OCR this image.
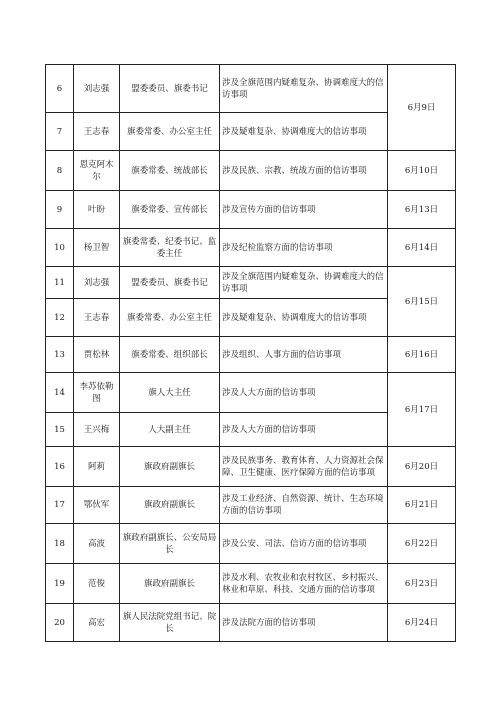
6	刘志强	盟委委员、旗委书记	涉及全旗范围内疑难复杂、协调难度大的信访事项	6月9日
7	王志春	旗委常委、办公室主任	涉及疑难复杂、协调难度大的信访事项	
8	恩克阿木尔	旗委常委、统战部长	涉及民族、宗教、统战方面的信访事项	6月10日
9	叶盼	旗委常委、宣传部长	涉及宣传方面的信访事项	6月13日
10	杨卫智	旗委常委、纪委书记、监委主任	涉及纪检监察方面的信访事项	6月14日
11	刘志强	盟委委员、旗委书记	涉及全旗范围内疑难复杂、协调难度大的信访事项	6月15日
12	王志春	旗委常委、办公室主任	涉及疑难复杂、协调难度大的信访事项	
13	贾松林	旗委常委、组织部长	涉及组织、人事方面的信访事项	6月16日
14	李苏依勒图	旗人大主任	涉及人大方面的信访事项	6月17日
15	王兴梅	人大副主任	涉及人大方面的信访事项	
16	阿莉	旗政府副旗长	涉及民族事务、教育体育、人力资源社会保障、卫生健康、医疗保障方面的信访事项	6月20日
17	鄂伙军	旗政府副旗长	涉及工业经济、自然资源、统计、生态环境方面的信访事项	6月21日
18	高波	旗政府副旗长、公安局局长	涉及公安、司法、信访方面的信访事项	6月22日
19	范俊	旗政府副旗长	涉及水利、农牧业和农村牧区、乡村振兴、林业和草原、科技、交通方面的信访事项	6月23日
20	高宏	旗人民法院党组书记、院长	涉及法院方面的信访事项	6月24日
